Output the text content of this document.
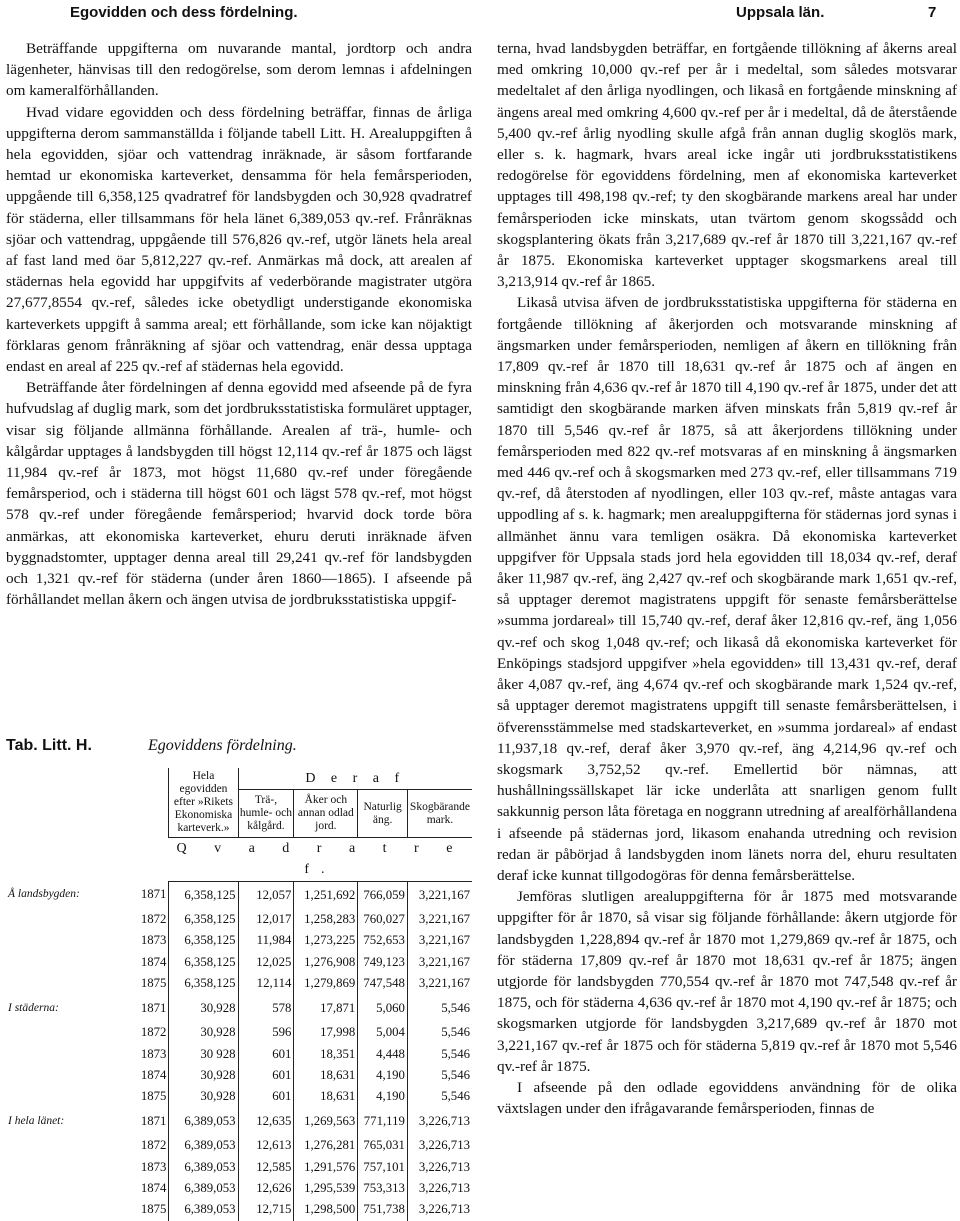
Egovidden och dess fördelning.	Uppsala län.	7

Beträffande uppgifterna om nuvarande mantal, jordtorp och andra lägenheter, hänvisas till den redogörelse, som derom lemnas i afdelningen om kameralförhållanden.

Hvad vidare egovidden och dess fördelning beträffar, finnas de årliga uppgifterna derom sammanställda i följande tabell Litt. H. Arealuppgiften å hela egovidden, sjöar och vattendrag inräknade, är såsom fortfarande hemtad ur ekonomiska karteverket, densamma för hela femårsperioden, uppgående till 6,358,125 qvadratref för landsbygden och 30,928 qvadratref för städerna, eller tillsammans för hela länet 6,389,053 qv.-ref. Frånräknas sjöar och vattendrag, uppgående till 576,826 qv.-ref, utgör länets hela areal af fast land med öar 5,812,227 qv.-ref. Anmärkas må dock, att arealen af städernas hela egovidd har uppgifvits af vederbörande magistrater utgöra 27,677,8554 qv.-ref, således icke obetydligt understigande ekonomiska karteverkets uppgift å samma areal; ett förhållande, som icke kan nöjaktigt förklaras genom frånräkning af sjöar och vattendrag, enär dessa upptaga endast en areal af 225 qv.-ref af städernas hela egovidd.

Beträffande åter fördelningen af denna egovidd med afseende på de fyra hufvudslag af duglig mark, som det jordbruksstatistiska formuläret upptager, visar sig följande allmänna förhållande. Arealen af trä-, humle- och kålgårdar upptages å landsbygden till högst 12,114 qv.-ref år 1875 och lägst 11,984 qv.-ref år 1873, mot högst 11,680 qv.-ref under föregående femårsperiod, och i städerna till högst 601 och lägst 578 qv.-ref, mot högst 578 qv.-ref under föregående femårsperiod; hvarvid dock torde böra anmärkas, att ekonomiska karteverket, ehuru deruti inräknade äfven byggnadstomter, upptager denna areal till 29,241 qv.-ref för landsbygden och 1,321 qv.-ref för städerna (under åren 1860—1865). I afseende på förhållandet mellan åkern och ängen utvisa de jordbruksstatistiska uppgif-

Tab. Litt. H.	Egoviddens fördelning.
		Hela egovidden efter »Rikets Ekonomiska karteverk.»	D e r a f			
			Trä-, humle- och kålgård.	Åker och annan odlad jord.	Naturlig äng.	Skogbärande mark.
		Q v a d r a t r e f.				
Å landsbygden:	1871	6,358,125	12,057	1,251,692	766,059	3,221,167
	1872	6,358,125	12,017	1,258,283	760,027	3,221,167
	1873	6,358,125	11,984	1,273,225	752,653	3,221,167
	1874	6,358,125	12,025	1,276,908	749,123	3,221,167
	1875	6,358,125	12,114	1,279,869	747,548	3,221,167
I städerna:	1871	30,928	578	17,871	5,060	5,546
	1872	30,928	596	17,998	5,004	5,546
	1873	30 928	601	18,351	4,448	5,546
	1874	30,928	601	18,631	4,190	5,546
	1875	30,928	601	18,631	4,190	5,546
I hela länet:	1871	6,389,053	12,635	1,269,563	771,119	3,226,713
	1872	6,389,053	12,613	1,276,281	765,031	3,226,713
	1873	6,389,053	12,585	1,291,576	757,101	3,226,713
	1874	6,389,053	12,626	1,295,539	753,313	3,226,713
	1875	6,389,053	12,715	1,298,500	751,738	3,226,713

terna, hvad landsbygden beträffar, en fortgående tillökning af åkerns areal med omkring 10,000 qv.-ref per år i medeltal, som således motsvarar medeltalet af den årliga nyodlingen, och likaså en fortgående minskning af ängens areal med omkring 4,600 qv.-ref per år i medeltal, då de återstående 5,400 qv.-ref årlig nyodling skulle afgå från annan duglig skoglös mark, eller s. k. hagmark, hvars areal icke ingår uti jordbruksstatistikens redogörelse för egoviddens fördelning, men af ekonomiska karteverket upptages till 498,198 qv.-ref; ty den skogbärande markens areal har under femårsperioden icke minskats, utan tvärtom genom skogssådd och skogsplantering ökats från 3,217,689 qv.-ref år 1870 till 3,221,167 qv.-ref år 1875. Ekonomiska karteverket upptager skogsmarkens areal till 3,213,914 qv.-ref år 1865.

Likaså utvisa äfven de jordbruksstatistiska uppgifterna för städerna en fortgående tillökning af åkerjorden och motsvarande minskning af ängsmarken under femårsperioden, nemligen af åkern en tillökning från 17,809 qv.-ref år 1870 till 18,631 qv.-ref år 1875 och af ängen en minskning från 4,636 qv.-ref år 1870 till 4,190 qv.-ref år 1875, under det att samtidigt den skogbärande marken äfven minskats från 5,819 qv.-ref år 1870 till 5,546 qv.-ref år 1875, så att åkerjordens tillökning under femårsperioden med 822 qv.-ref motsvaras af en minskning å ängsmarken med 446 qv.-ref och å skogsmarken med 273 qv.-ref, eller tillsammans 719 qv.-ref, då återstoden af nyodlingen, eller 103 qv.-ref, måste antagas vara uppodling af s. k. hagmark; men arealuppgifterna för städernas jord synas i allmänhet ännu vara temligen osäkra. Då ekonomiska karteverket uppgifver för Uppsala stads jord hela egovidden till 18,034 qv.-ref, deraf åker 11,987 qv.-ref, äng 2,427 qv.-ref och skogbärande mark 1,651 qv.-ref, så upptager deremot magistratens uppgift för senaste femårsberättelse »summa jordareal» till 15,740 qv.-ref, deraf åker 12,816 qv.-ref, äng 1,056 qv.-ref och skog 1,048 qv.-ref; och likaså då ekonomiska karteverket för Enköpings stadsjord uppgifver »hela egovidden» till 13,431 qv.-ref, deraf åker 4,087 qv.-ref, äng 4,674 qv.-ref och skogbärande mark 1,524 qv.-ref, så upptager deremot magistratens uppgift till senaste femårsberättelsen, i öfverensstämmelse med stadskarteverket, en »summa jordareal» af endast 11,937,18 qv.-ref, deraf åker 3,970 qv.-ref, äng 4,214,96 qv.-ref och skogsmark 3,752,52 qv.-ref. Emellertid bör nämnas, att hushållningssällskapet lär icke underlåta att snarligen genom fullt sakkunnig person låta företaga en noggrann utredning af arealförhållandena i afseende på städernas jord, likasom enahanda utredning och revision redan är påbörjad å landsbygden inom länets norra del, ehuru resultaten deraf icke kunnat tillgodogöras för denna femårsberättelse.

Jemföras slutligen arealuppgifterna för år 1875 med motsvarande uppgifter för år 1870, så visar sig följande förhållande: åkern utgjorde för landsbygden 1,228,894 qv.-ref år 1870 mot 1,279,869 qv.-ref år 1875, och för städerna 17,809 qv.-ref år 1870 mot 18,631 qv.-ref år 1875; ängen utgjorde för landsbygden 770,554 qv.-ref år 1870 mot 747,548 qv.-ref år 1875, och för städerna 4,636 qv.-ref år 1870 mot 4,190 qv.-ref år 1875; och skogsmarken utgjorde för landsbygden 3,217,689 qv.-ref år 1870 mot 3,221,167 qv.-ref år 1875 och för städerna 5,819 qv.-ref år 1870 mot 5,546 qv.-ref år 1875.

I afseende på den odlade egoviddens användning för de olika växtslagen under den ifrågavarande femårsperioden, finnas de
